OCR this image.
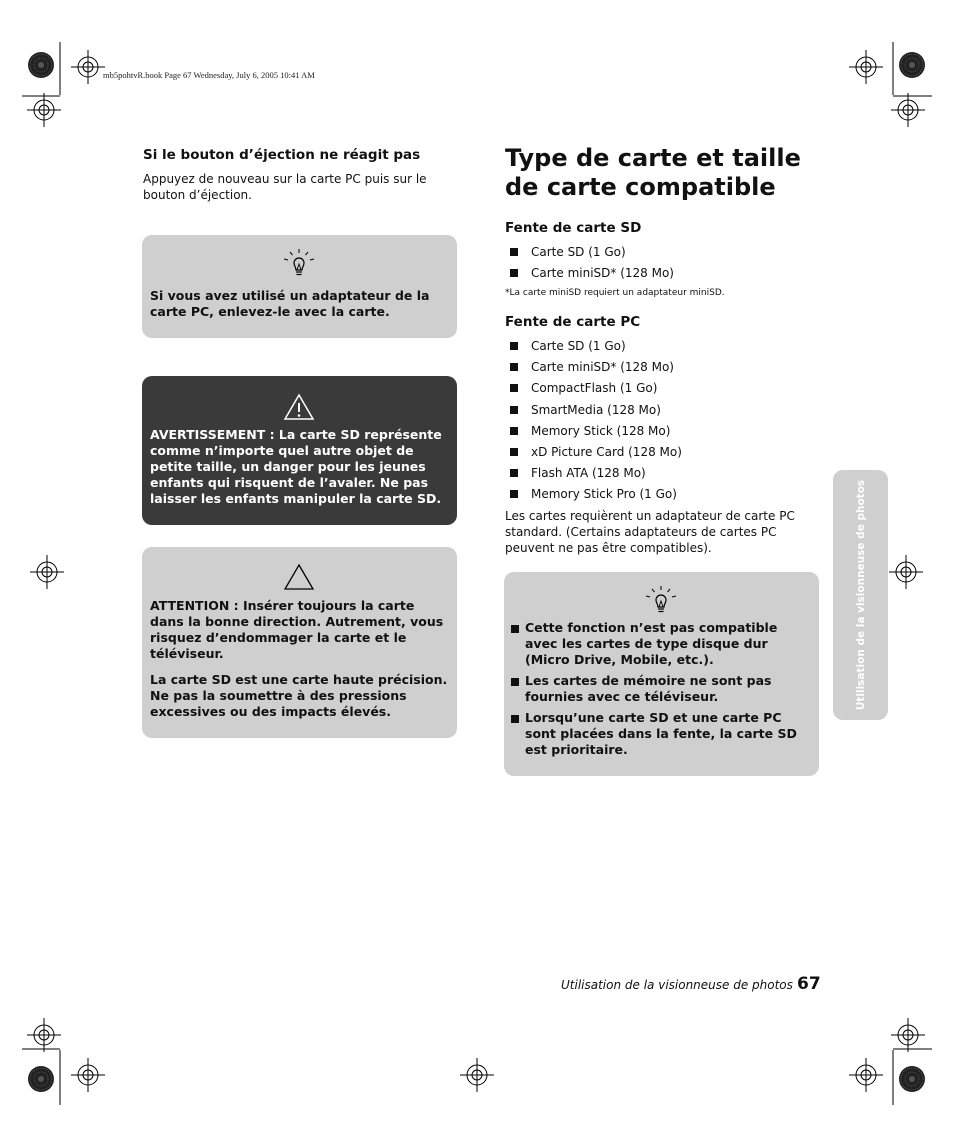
mb5pohtvR.book Page 67 Wednesday, July 6, 2005 10:41 AM
Si le bouton d’éjection ne réagit pas
Appuyez de nouveau sur la carte PC puis sur le bouton d’éjection.
Si vous avez utilisé un adaptateur de la carte PC, enlevez-le avec la carte.
AVERTISSEMENT : La carte SD représente comme n’importe quel autre objet de petite taille, un danger pour les jeunes enfants qui risquent de l’avaler. Ne pas laisser les enfants manipuler la carte SD.
ATTENTION : Insérer toujours la carte dans la bonne direction. Autrement, vous risquez d’endommager la carte et le téléviseur.
La carte SD est une carte haute précision. Ne pas la soumettre à des pressions excessives ou des impacts élevés.
Type de carte et taille de carte compatible
Fente de carte SD
Carte SD (1 Go)
Carte miniSD* (128 Mo)
*La carte miniSD requiert un adaptateur miniSD.
Fente de carte PC
Carte SD (1 Go)
Carte miniSD* (128 Mo)
CompactFlash (1 Go)
SmartMedia (128 Mo)
Memory Stick (128 Mo)
xD Picture Card (128 Mo)
Flash ATA (128 Mo)
Memory Stick Pro (1 Go)
Les cartes requièrent un adaptateur de carte PC standard. (Certains adaptateurs de cartes PC peuvent ne pas être compatibles).
Cette fonction n’est pas compatible avec les cartes de type disque dur (Micro Drive, Mobile, etc.).
Les cartes de mémoire ne sont pas fournies avec ce téléviseur.
Lorsqu’une carte SD et une carte PC sont placées dans la fente, la carte SD est prioritaire.
Utilisation de la visionneuse de photos
Utilisation de la visionneuse de photos 67
